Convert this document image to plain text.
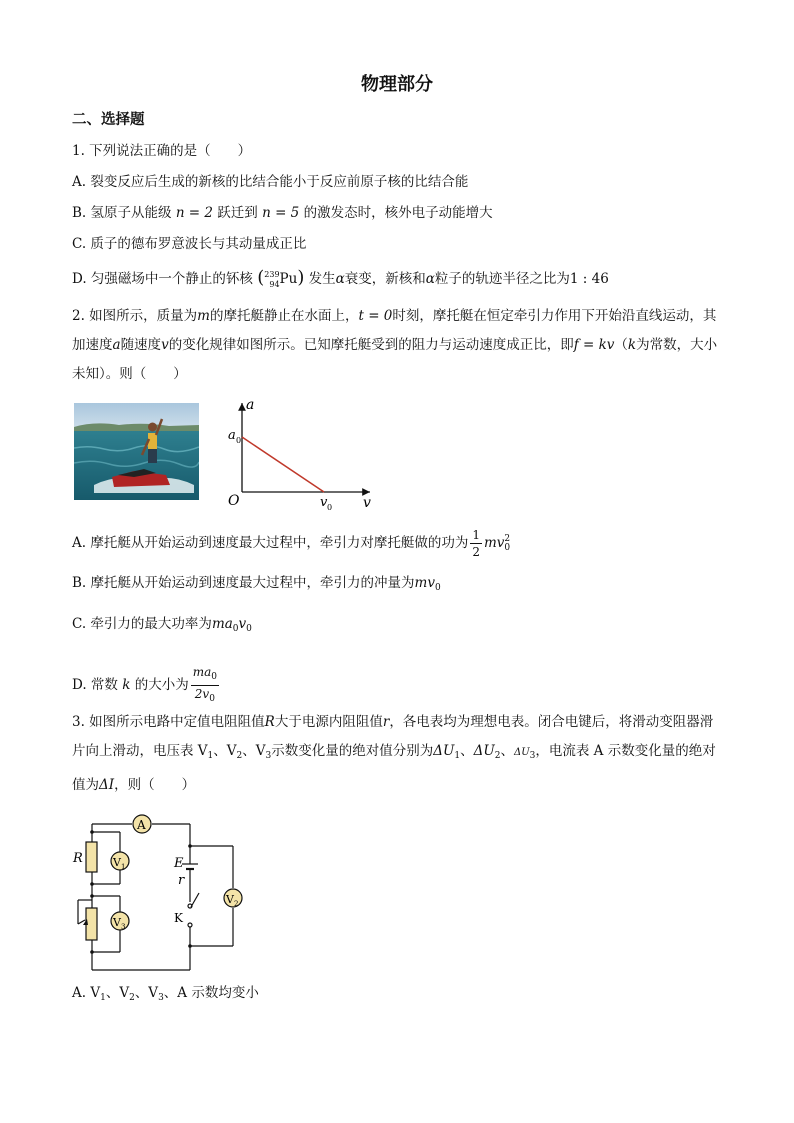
物理部分
二、选择题
1. 下列说法正确的是（　　）
A. 裂变反应后生成的新核的比结合能小于反应前原子核的比结合能
B. 氢原子从能级 n = 2 跃迁到 n = 5 的激发态时，核外电子动能增大
C. 质子的德布罗意波长与其动量成正比
D. 匀强磁场中一个静止的钚核 ( 239
94 Pu) 发生α衰变，新核和α粒子的轨迹半径之比为1 : 46
2. 如图所示，质量为m的摩托艇静止在水面上，t = 0时刻，摩托艇在恒定牵引力作用下开始沿直线运动，其加速度a随速度v的变化规律如图所示。已知摩托艇受到的阻力与运动速度成正比，即f = kv（k为常数，大小未知）。则（　　）
a
v
O
a 0
v 0
A. 摩托艇从开始运动到速度最大过程中，牵引力对摩托艇做的功为 $\frac{1}{2}$ mv 2
0
B. 摩托艇从开始运动到速度最大过程中，牵引力的冲量为$mv_0$
C. 牵引力的最大功率为$ma_0v_0$
D. 常数 k 的大小为 $\frac{ma_0}{2v_0}$
3. 如图所示电路中定值电阻阻值R大于电源内阻阻值r，各电表均为理想电表。闭合电键后，将滑动变阻器滑片向上滑动，电压表 $V_1$、$V_2$、$V_3$示数变化量的绝对值分别为$\Delta U_1$、$\Delta U_2$、$\Delta U_3$，电流表 A 示数变化量的绝对值为ΔI，则（　　）
A
V 1
V 3
V 2
R	E
r
K
A. $V_1$、$V_2$、$V_3$、A 示数均变小
